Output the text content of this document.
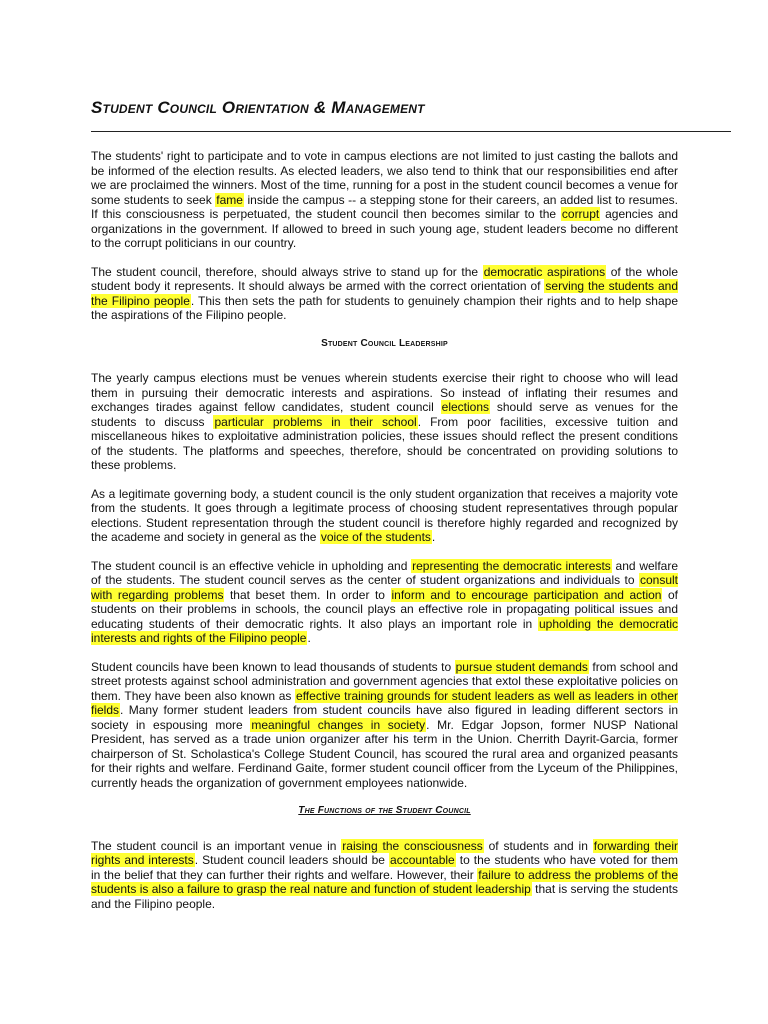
Student Council Orientation & Management

The students' right to participate and to vote in campus elections are not limited to just casting the ballots and be informed of the election results. As elected leaders, we also tend to think that our responsibilities end after we are proclaimed the winners. Most of the time, running for a post in the student council becomes a venue for some students to seek fame inside the campus -- a stepping stone for their careers, an added list to resumes. If this consciousness is perpetuated, the student council then becomes similar to the corrupt agencies and organizations in the government. If allowed to breed in such young age, student leaders become no different to the corrupt politicians in our country.

The student council, therefore, should always strive to stand up for the democratic aspirations of the whole student body it represents. It should always be armed with the correct orientation of serving the students and the Filipino people. This then sets the path for students to genuinely champion their rights and to help shape the aspirations of the Filipino people.

Student Council Leadership

The yearly campus elections must be venues wherein students exercise their right to choose who will lead them in pursuing their democratic interests and aspirations. So instead of inflating their resumes and exchanges tirades against fellow candidates, student council elections should serve as venues for the students to discuss particular problems in their school. From poor facilities, excessive tuition and miscellaneous hikes to exploitative administration policies, these issues should reflect the present conditions of the students. The platforms and speeches, therefore, should be concentrated on providing solutions to these problems.

As a legitimate governing body, a student council is the only student organization that receives a majority vote from the students. It goes through a legitimate process of choosing student representatives through popular elections. Student representation through the student council is therefore highly regarded and recognized by the academe and society in general as the voice of the students.

The student council is an effective vehicle in upholding and representing the democratic interests and welfare of the students. The student council serves as the center of student organizations and individuals to consult with regarding problems that beset them. In order to inform and to encourage participation and action of students on their problems in schools, the council plays an effective role in propagating political issues and educating students of their democratic rights. It also plays an important role in upholding the democratic interests and rights of the Filipino people.

Student councils have been known to lead thousands of students to pursue student demands from school and street protests against school administration and government agencies that extol these exploitative policies on them. They have been also known as effective training grounds for student leaders as well as leaders in other fields. Many former student leaders from student councils have also figured in leading different sectors in society in espousing more meaningful changes in society. Mr. Edgar Jopson, former NUSP National President, has served as a trade union organizer after his term in the Union. Cherrith Dayrit-Garcia, former chairperson of St. Scholastica's College Student Council, has scoured the rural area and organized peasants for their rights and welfare. Ferdinand Gaite, former student council officer from the Lyceum of the Philippines, currently heads the organization of government employees nationwide.

The Functions of the Student Council

The student council is an important venue in raising the consciousness of students and in forwarding their rights and interests. Student council leaders should be accountable to the students who have voted for them in the belief that they can further their rights and welfare. However, their failure to address the problems of the students is also a failure to grasp the real nature and function of student leadership that is serving the students and the Filipino people.
